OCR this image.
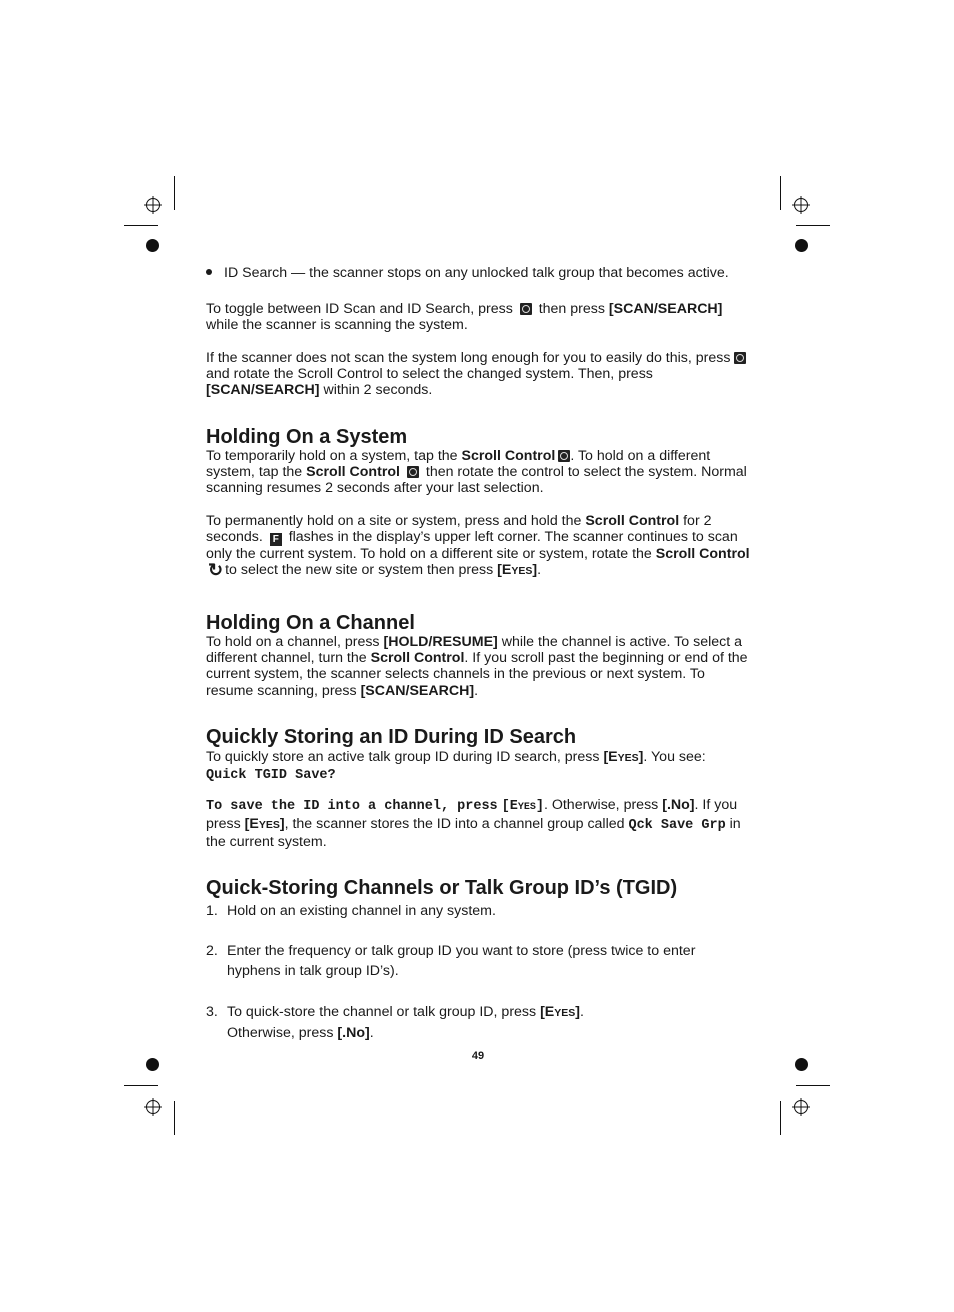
ID Search — the scanner stops on any unlocked talk group that becomes active.
To toggle between ID Scan and ID Search, press then press [SCAN/SEARCH] while the scanner is scanning the system.
If the scanner does not scan the system long enough for you to easily do this, press  and rotate the Scroll Control to select the changed system. Then, press [SCAN/SEARCH] within 2 seconds.
Holding On a System
To temporarily hold on a system, tap the Scroll Control . To hold on a different system, tap the Scroll Control then rotate the control to select the system. Normal scanning resumes 2 seconds after your last selection.
To permanently hold on a site or system, press and hold the Scroll Control for 2 seconds. F flashes in the display’s upper left corner. The scanner continues to scan only the current system. To hold on a different site or system, rotate the Scroll Control ↻ to select the new site or system then press [EYES].
Holding On a Channel
To hold on a channel, press [HOLD/RESUME] while the channel is active. To select a different channel, turn the Scroll Control. If you scroll past the beginning or end of the current system, the scanner selects channels in the previous or next system. To resume scanning, press [SCAN/SEARCH].
Quickly Storing an ID During ID Search
To quickly store an active talk group ID during ID search, press [EYES]. You see:
Quick TGID Save?
To save the ID into a channel, press [EYES]. Otherwise, press [.No]. If you press [EYES], the scanner stores the ID into a channel group called Qck Save Grp in the current system.
Quick-Storing Channels or Talk Group ID’s (TGID)
1. Hold on an existing channel in any system.
2. Enter the frequency or talk group ID you want to store (press twice to enter hyphens in talk group ID’s).
3. To quick-store the channel or talk group ID, press [EYES].
Otherwise, press [.No].
49
